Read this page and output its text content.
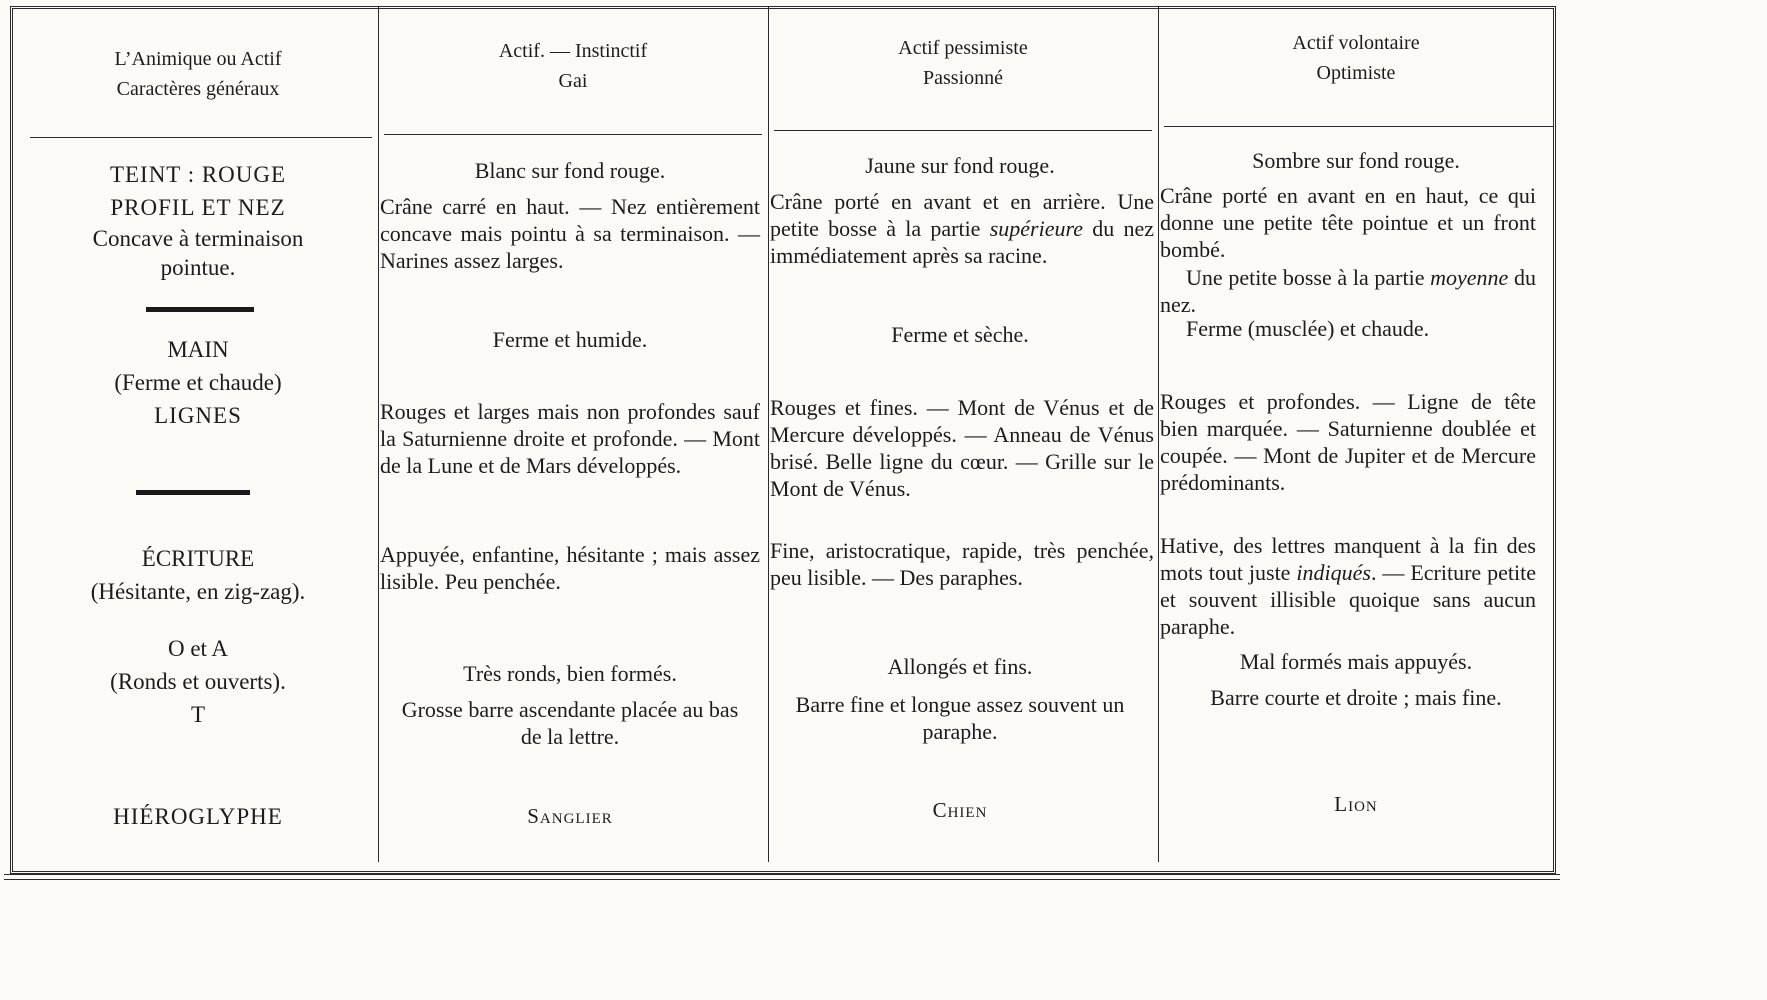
L’Animique ou Actif
Caractères généraux
TEINT : ROUGE
PROFIL ET NEZ
Concave à terminaison
pointue.
MAIN
(Ferme et chaude)
LIGNES
ÉCRITURE
(Hésitante, en zig-zag).
O et A
(Ronds et ouverts).
T
HIÉROGLYPHE
Actif. — Instinctif
Gai
Blanc sur fond rouge.
Crâne carré en haut. — Nez entièrement concave mais pointu à sa terminaison. — Narines assez larges.
Ferme et humide.
Rouges et larges mais non profondes sauf la Saturnienne droite et profonde. — Mont de la Lune et de Mars développés.
Appuyée, enfantine, hésitante ; mais assez lisible. Peu penchée.
Très ronds, bien formés.
Grosse barre ascendante placée au bas de la lettre.
Sanglier
Actif pessimiste
Passionné
Jaune sur fond rouge.
Crâne porté en avant et en arrière. Une petite bosse à la partie supérieure du nez immédiatement après sa racine.
Ferme et sèche.
Rouges et fines. — Mont de Vénus et de Mercure développés. — Anneau de Vénus brisé. Belle ligne du cœur. — Grille sur le Mont de Vénus.
Fine, aristocratique, rapide, très penchée, peu lisible. — Des paraphes.
Allongés et fins.
Barre fine et longue assez souvent un paraphe.
Chien
Actif volontaire
Optimiste
Sombre sur fond rouge.
Crâne porté en avant en en haut, ce qui donne une petite tête pointue et un front bombé.
Une petite bosse à la partie moyenne du nez.
Ferme (musclée) et chaude.
Rouges et profondes. — Ligne de tête bien marquée. — Saturnienne doublée et coupée. — Mont de Jupiter et de Mercure prédominants.
Hative, des lettres manquent à la fin des mots tout juste indiqués. — Ecriture petite et souvent illisible quoique sans aucun paraphe.
Mal formés mais appuyés.
Barre courte et droite ; mais fine.
Lion
